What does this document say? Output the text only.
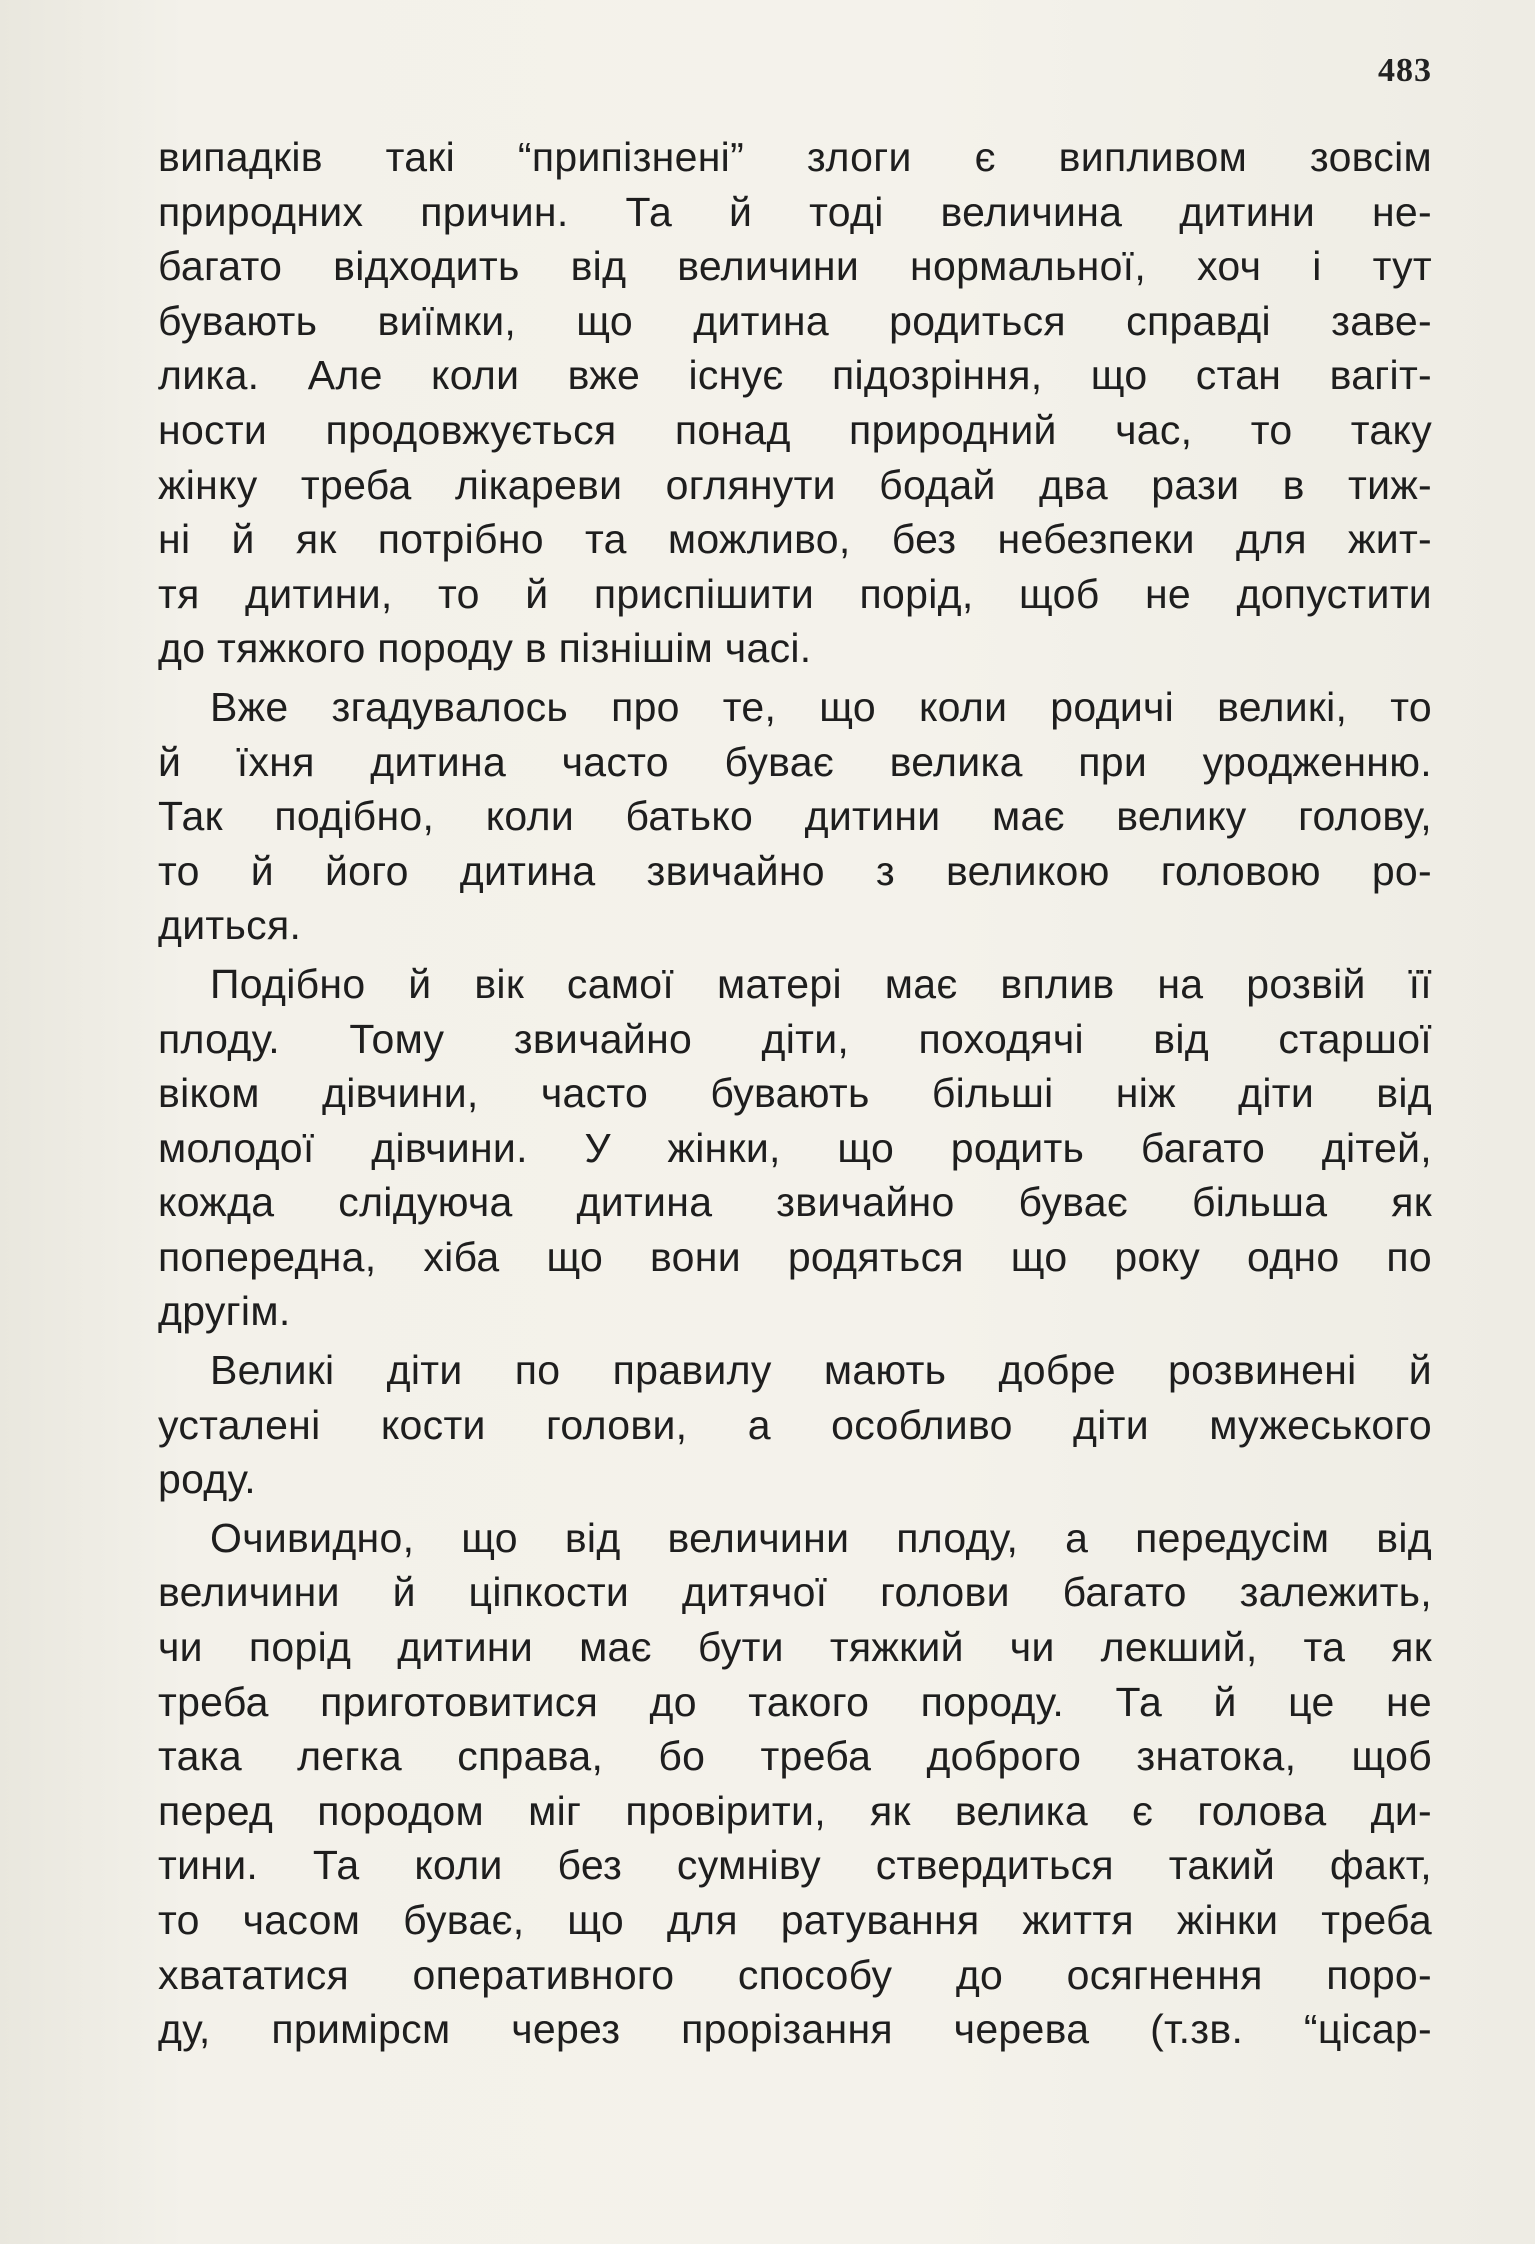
483
випадків такі “припізнені” злоги є випливом зовсім
природних причин. Та й тоді величина дитини не-
багато відходить від величини нормальної, хоч і тут
бувають виїмки, що дитина родиться справді заве-
лика. Але коли вже існує підозріння, що стан вагіт-
ности продовжується понад природний час, то таку
жінку треба лікареви оглянути бодай два рази в тиж-
ні й як потрібно та можливо, без небезпеки для жит-
тя дитини, то й приспішити порід, щоб не допустити
до тяжкого породу в пізнішім часі.
Вже згадувалось про те, що коли родичі великі, то
й їхня дитина часто буває велика при уродженню.
Так подібно, коли батько дитини має велику голову,
то й його дитина звичайно з великою головою ро-
диться.
Подібно й вік самої матері має вплив на розвій її
плоду. Тому звичайно діти, походячі від старшої
віком дівчини, часто бувають більші ніж діти від
молодої дівчини. У жінки, що родить багато дітей,
кожда слідуюча дитина звичайно буває більша як
попередна, хіба що вони родяться що року одно по
другім.
Великі діти по правилу мають добре розвинені й
усталені кости голови, а особливо діти мужеського
роду.
Очивидно, що від величини плоду, а передусім від
величини й ціпкости дитячої голови багато залежить,
чи порід дитини має бути тяжкий чи лекший, та як
треба приготовитися до такого породу. Та й це не
така легка справа, бо треба доброго знатока, щоб
перед породом міг провірити, як велика є голова ди-
тини. Та коли без сумніву ствердиться такий факт,
то часом буває, що для ратування життя жінки треба
хвататися оперативного способу до осягнення поро-
ду, примірсм через прорізання черева (т.зв. “цісар-
